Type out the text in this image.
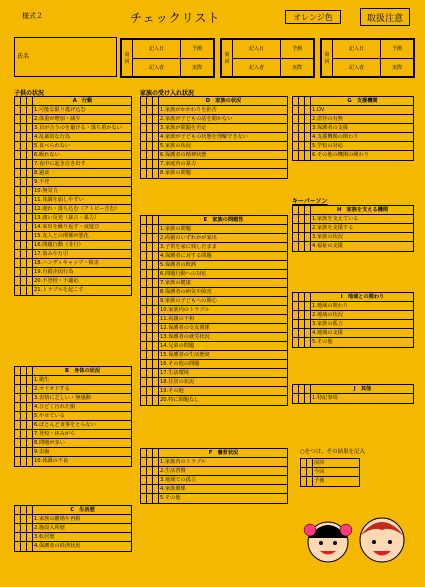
様式２	チェックリスト	オレンジ色	取扱注意
氏名	第　回	記入日	予測
	記入者	実際
第　回	記入日	予測
	記入者	実際
第　回	記入日	予測
	記入者	実際
子供の状況	家族の受け入れ状況
キーパーソン
A　行動
1.可能な限り逃げ込む
2.体重が増加・減少
3.目が合うのを避ける・落ち着かない
4.乱暴的な行為
5.食べられない
6.眠れない
7.夜中に起き泣き出す
8.過食
9.不登
10.無気力
11.体調を崩しやすい
12.遅れ・落ち込む（アトピー含む）
13.強い反発（暴言・暴力）
14.家出を繰り返す・夜遊び
15.友人との関係が悪化
16.問題行動（非行）
17.盗みや万引
18.ハンディキャップ・障害
19.自殺企図行為
20.不登校・不適応
21.トラブルを起こす
B　身体の状況
1.衛生
2.オドオドする
3.表情に乏しい・無感動
4.ひどく汚れた服
5.やせている
6.ほとんど食事をとらない
7.登校・休みがち
8.問題が多い
9.虫歯
10.体調の不良
C　生活歴
1.家族の離婚や再婚
2.施設入所歴
3.転居歴
4.保護者の経済状況
D　家族の状況
1.家族がかかわりを拒否
2.家族が子どもの話を聞かない
3.家族が問題を否定
4.家族が子どもの状態を理解できない
5.家族の状況
6.保護者の精神状態
7.家庭内の暴力
8.家族の問題
E　家族の問題性
1.家族の問題
2.両親のいずれかが家出
3.子供を家に残したまま
4.保護者に対する問題
5.保護者の飲酒
6.問題行動への対応
7.家族の健康
8.保護者の病気や障害
9.家族の子どもへの関心
10.家族内のトラブル
11.両親の不和
12.保護者の交友関係
13.保護者の就労状況
14.兄弟の問題
15.保護者の生活態度
16.その他の問題
17.生活環境
18.住居の状況
19.その他
20.特に問題なし
F　養育状況
1.家族内のトラブル
2.生活習慣
3.地域での孤立
4.家族関係
5.その他
G　支援機関
1.DV
2.虐待の有無
3.保護者の支援
4.支援機関の関わり
5.学校の対応
6.その他の機関の関わり
H　家族を支える機関
1.家族を支えている
2.家族を支援する
3.家族の状況
4.福祉の支援
I　地域との関わり
1.地域の関わり
2.地域の状況
3.家族の孤立
4.地域の支援
5.その他
J　其他
1.特記事項
○をつけ、その結果を記入
前回
今回
予後
